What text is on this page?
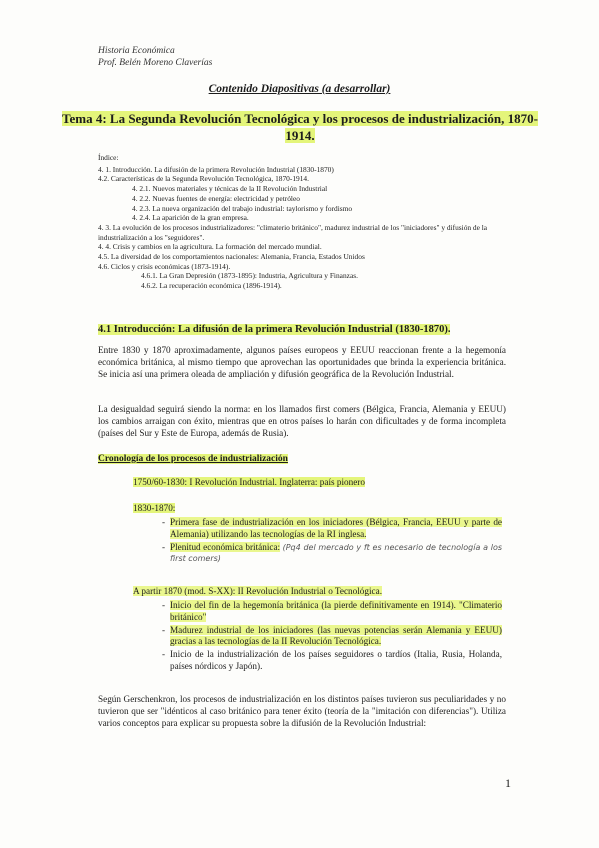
Historia Económica
Prof. Belén Moreno Claverías
Contenido Diapositivas (a desarrollar)
Tema 4: La Segunda Revolución Tecnológica y los procesos de industrialización, 1870-1914.
Índice:
4. 1. Introducción. La difusión de la primera Revolución Industrial (1830-1870)
4.2. Características de la Segunda Revolución Tecnológica, 1870-1914.
4. 2.1. Nuevos materiales y técnicas de la II Revolución Industrial
4. 2.2. Nuevas fuentes de energía: electricidad y petróleo
4. 2.3. La nueva organización del trabajo industrial: taylorismo y fordismo
4. 2.4. La aparición de la gran empresa.
4. 3. La evolución de los procesos industrializadores: "climaterio británico", madurez industrial de los "iniciadores" y difusión de la industrialización a los "seguidores".
4. 4. Crisis y cambios en la agricultura. La formación del mercado mundial.
4.5. La diversidad de los comportamientos nacionales: Alemania, Francia, Estados Unidos
4.6. Ciclos y crisis económicas (1873-1914).
4.6.1. La Gran Depresión (1873-1895): Industria, Agricultura y Finanzas.
4.6.2. La recuperación económica (1896-1914).
4.1 Introducción: La difusión de la primera Revolución Industrial (1830-1870).
Entre 1830 y 1870 aproximadamente, algunos países europeos y EEUU reaccionan frente a la hegemonía económica británica, al mismo tiempo que aprovechan las oportunidades que brinda la experiencia británica. Se inicia así una primera oleada de ampliación y difusión geográfica de la Revolución Industrial.
La desigualdad seguirá siendo la norma: en los llamados first comers (Bélgica, Francia, Alemania y EEUU) los cambios arraigan con éxito, mientras que en otros países lo harán con dificultades y de forma incompleta (países del Sur y Este de Europa, además de Rusia).
Cronología de los procesos de industrialización
1750/60-1830: I Revolución Industrial. Inglaterra: país pionero
1830-1870:
- Primera fase de industrialización en los iniciadores (Bélgica, Francia, EEUU y parte de Alemania) utilizando las tecnologías de la RI inglesa.
- Plenitud económica británica: (Pq4 del mercado y ft es necesario de tecnología a los first comers)
A partir 1870 (mod. S-XX): II Revolución Industrial o Tecnológica.
- Inicio del fin de la hegemonía británica (la pierde definitivamente en 1914). "Climaterio británico"
- Madurez industrial de los iniciadores (las nuevas potencias serán Alemania y EEUU) gracias a las tecnologías de la II Revolución Tecnológica.
- Inicio de la industrialización de los países seguidores o tardíos (Italia, Rusia, Holanda, países nórdicos y Japón).
Según Gerschenkron, los procesos de industrialización en los distintos países tuvieron sus peculiaridades y no tuvieron que ser "idénticos al caso británico para tener éxito (teoría de la "imitación con diferencias"). Utiliza varios conceptos para explicar su propuesta sobre la difusión de la Revolución Industrial:
1
